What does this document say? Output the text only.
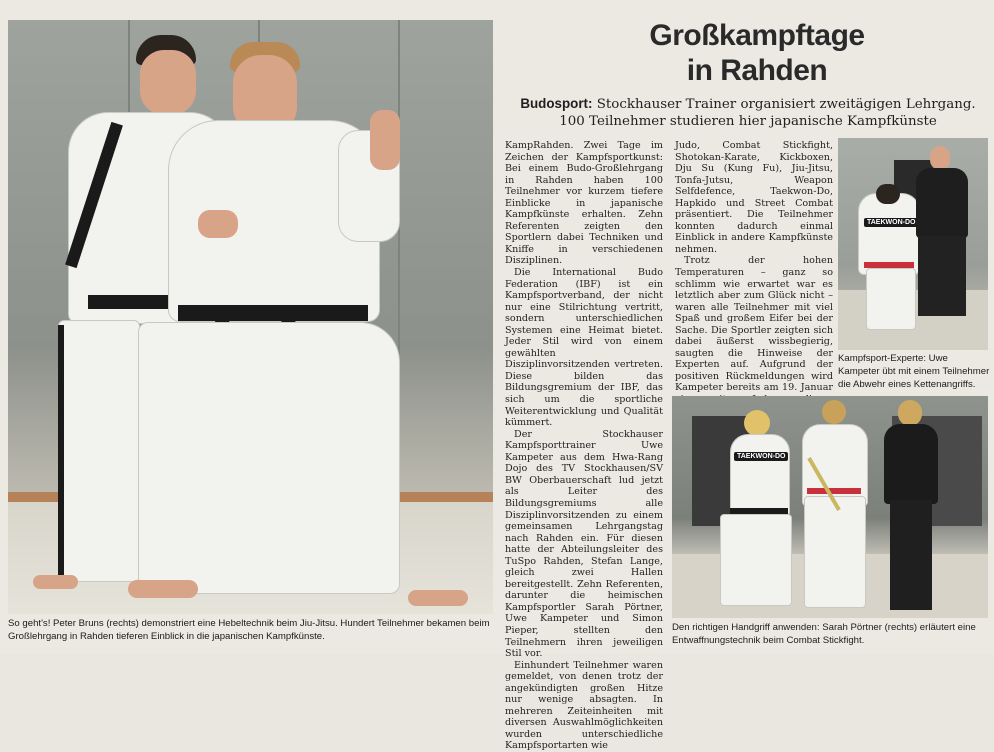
So geht's! Peter Bruns (rechts) demonstriert eine Hebeltechnik beim Jiu-Jitsu. Hundert Teilnehmer bekamen beim Großlehrgang in Rahden tieferen Einblick in die japanischen Kampfkünste.
Großkampftage
in Rahden
Budosport: Stockhauser Trainer organisiert zweitägigen Lehrgang. 100 Teilnehmer studieren hier japanische Kampfkünste

KampRahden. Zwei Tage im Zeichen der Kampfsportkunst: Bei einem Budo-Großlehrgang in Rahden haben 100 Teilnehmer vor kurzem tiefere Einblicke in japanische Kampfkünste erhalten. Zehn Referenten zeigten den Sportlern dabei Techniken und Kniffe in verschiedenen Disziplinen.

Die International Budo Federation (IBF) ist ein Kampfsportverband, der nicht nur eine Stilrichtung vertritt, sondern unterschiedlichen Systemen eine Heimat bietet. Jeder Stil wird von einem gewählten Disziplinvorsitzenden vertreten. Diese bilden das Bildungsgremium der IBF, das sich um die sportliche Weiterentwicklung und Qualität kümmert.

Der Stockhauser Kampfsporttrainer Uwe Kampeter aus dem Hwa-Rang Dojo des TV Stockhausen/SV BW Oberbauerschaft lud jetzt als Leiter des Bildungsgremiums alle Disziplinvorsitzenden zu einem gemeinsamen Lehrgangstag nach Rahden ein. Für diesen hatte der Abteilungsleiter des TuSpo Rahden, Stefan Lange, gleich zwei Hallen bereitgestellt. Zehn Referenten, darunter die heimischen Kampfsportler Sarah Pörtner, Uwe Kampeter und Simon Pieper, stellten den Teilnehmern ihren jeweiligen Stil vor.

Einhundert Teilnehmer waren gemeldet, von denen trotz der angekündigten großen Hitze nur wenige absagten. In mehreren Zeiteinheiten mit diversen Auswahlmöglichkeiten wurden unterschiedliche Kampfsportarten wie

Judo, Combat Stickfight, Shotokan-Karate, Kickboxen, Dju Su (Kung Fu), Jiu-Jitsu, Tonfa-Jutsu, Weapon Selfdefence, Taekwon-Do, Hapkido und Street Combat präsentiert. Die Teilnehmer konnten dadurch einmal Einblick in andere Kampfkünste nehmen.

Trotz der hohen Temperaturen – ganz so schlimm wie erwartet war es letztlich aber zum Glück nicht – waren alle Teilnehmer mit viel Spaß und großem Eifer bei der Sache. Die Sportler zeigten sich dabei äußerst wissbegierig, saugten die Hinweise der Experten auf. Aufgrund der positiven Rückmeldungen wird Kampeter bereits am 19. Januar

TAEKWON-DO
Kampfsport-Experte: Uwe Kampeter übt mit einem Teilnehmer die Abwehr eines Kettenangriffs.
TAEKWON-DO
Den richtigen Handgriff anwenden: Sarah Pörtner (rechts) erläutert eine Entwaffnungstechnik beim Combat Stickfight.
